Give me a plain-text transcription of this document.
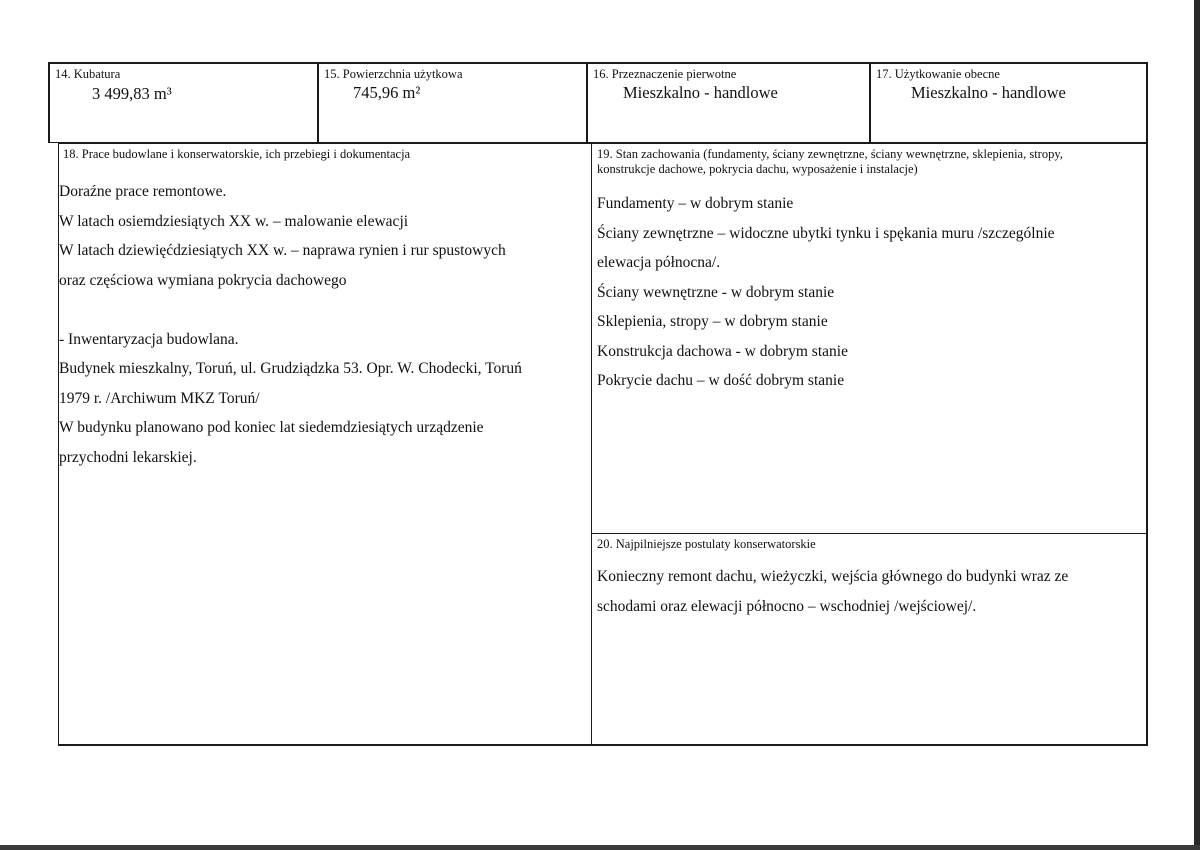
14. Kubatura
3 499,83 m³
15. Powierzchnia użytkowa
745,96 m²
16. Przeznaczenie pierwotne
Mieszkalno - handlowe
17. Użytkowanie obecne
Mieszkalno - handlowe
18. Prace budowlane i konserwatorskie, ich przebiegi i dokumentacja
Doraźne prace remontowe.
W latach osiemdziesiątych XX w. – malowanie elewacji
W latach dziewięćdziesiątych XX w. – naprawa rynien i rur spustowych
oraz częściowa wymiana pokrycia dachowego
- Inwentaryzacja budowlana.
Budynek mieszkalny, Toruń, ul. Grudziądzka 53. Opr. W. Chodecki, Toruń
1979 r. /Archiwum MKZ Toruń/
W budynku planowano pod koniec lat siedemdziesiątych urządzenie
przychodni lekarskiej.
19. Stan zachowania (fundamenty, ściany zewnętrzne, ściany wewnętrzne, sklepienia, stropy,
konstrukcje dachowe, pokrycia dachu, wyposażenie i instalacje)
Fundamenty – w dobrym stanie
Ściany zewnętrzne – widoczne ubytki tynku i spękania muru /szczególnie
elewacja północna/.
Ściany wewnętrzne - w dobrym stanie
Sklepienia, stropy – w dobrym stanie
Konstrukcja dachowa - w dobrym stanie
Pokrycie dachu – w dość dobrym stanie
20. Najpilniejsze postulaty konserwatorskie
Konieczny remont dachu, wieżyczki, wejścia głównego do budynki wraz ze
schodami oraz elewacji północno – wschodniej /wejściowej/.
